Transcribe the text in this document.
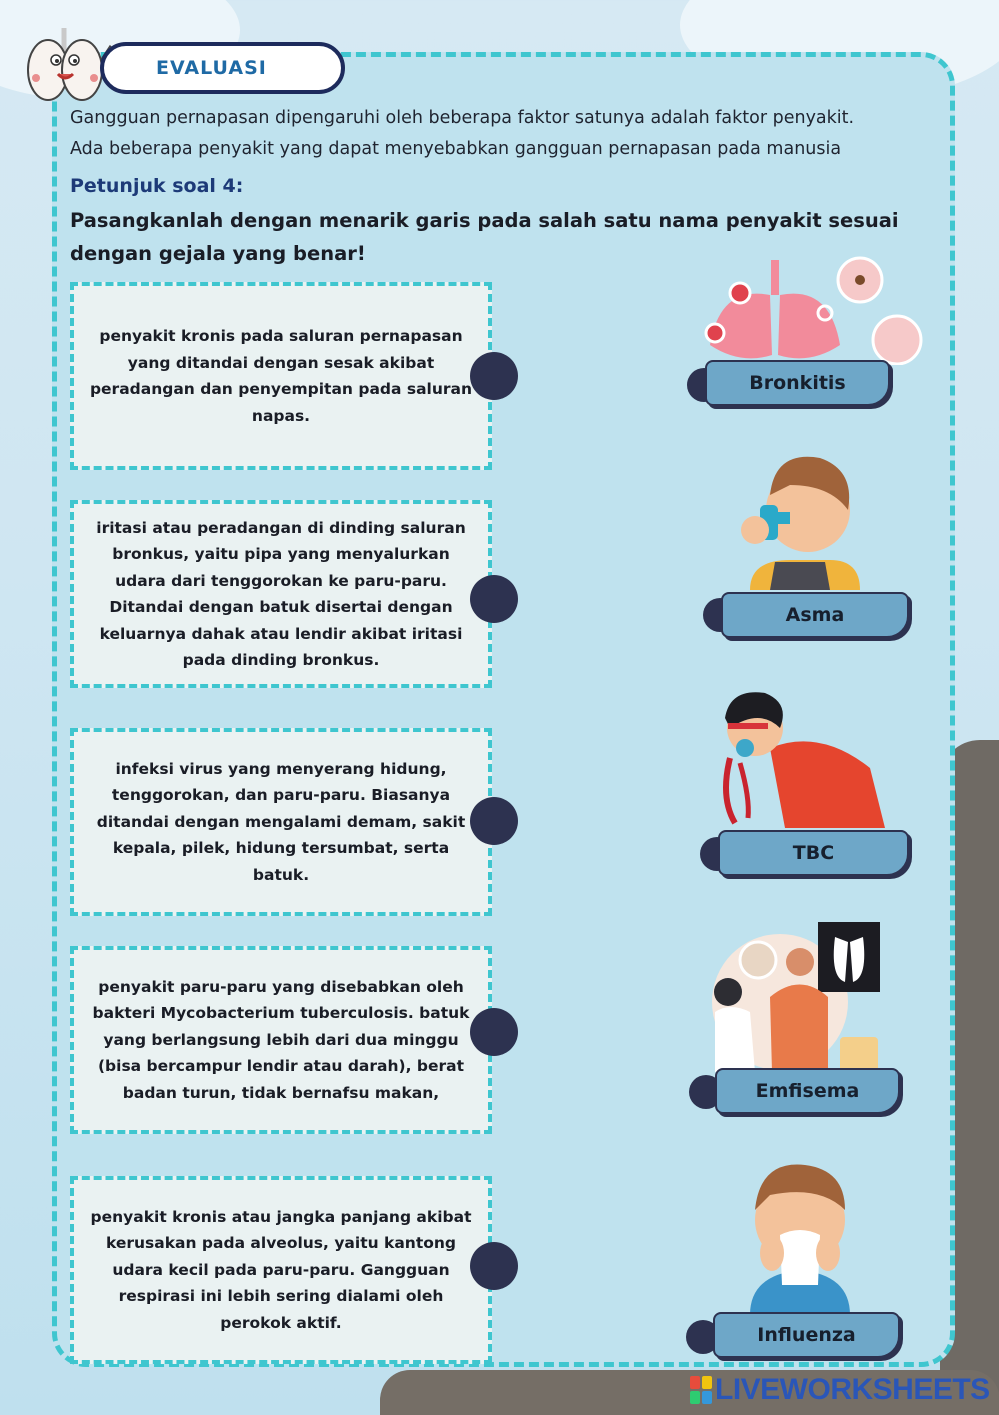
EVALUASI
Gangguan pernapasan dipengaruhi oleh beberapa faktor satunya adalah faktor penyakit.
Ada beberapa penyakit yang dapat menyebabkan gangguan pernapasan pada manusia
Petunjuk soal 4:
Pasangkanlah dengan menarik garis pada salah satu nama penyakit sesuai dengan gejala yang benar!
penyakit kronis pada saluran pernapasan yang ditandai dengan sesak akibat peradangan dan penyempitan pada saluran napas.
iritasi atau peradangan di dinding saluran bronkus, yaitu pipa yang menyalurkan udara dari tenggorokan ke paru-paru. Ditandai dengan batuk disertai dengan keluarnya dahak atau lendir akibat iritasi pada dinding bronkus.
infeksi virus yang menyerang hidung, tenggorokan, dan paru-paru. Biasanya ditandai dengan mengalami demam, sakit kepala, pilek, hidung tersumbat, serta batuk.
penyakit paru-paru yang disebabkan oleh bakteri Mycobacterium tuberculosis. batuk yang berlangsung lebih dari dua minggu (bisa bercampur lendir atau darah), berat badan turun, tidak bernafsu makan,
penyakit kronis atau jangka panjang akibat kerusakan pada alveolus, yaitu kantong udara kecil pada paru-paru. Gangguan respirasi ini lebih sering dialami oleh perokok aktif.
Bronkitis
Asma
TBC
Emfisema
Influenza
LIVEWORKSHEETS
